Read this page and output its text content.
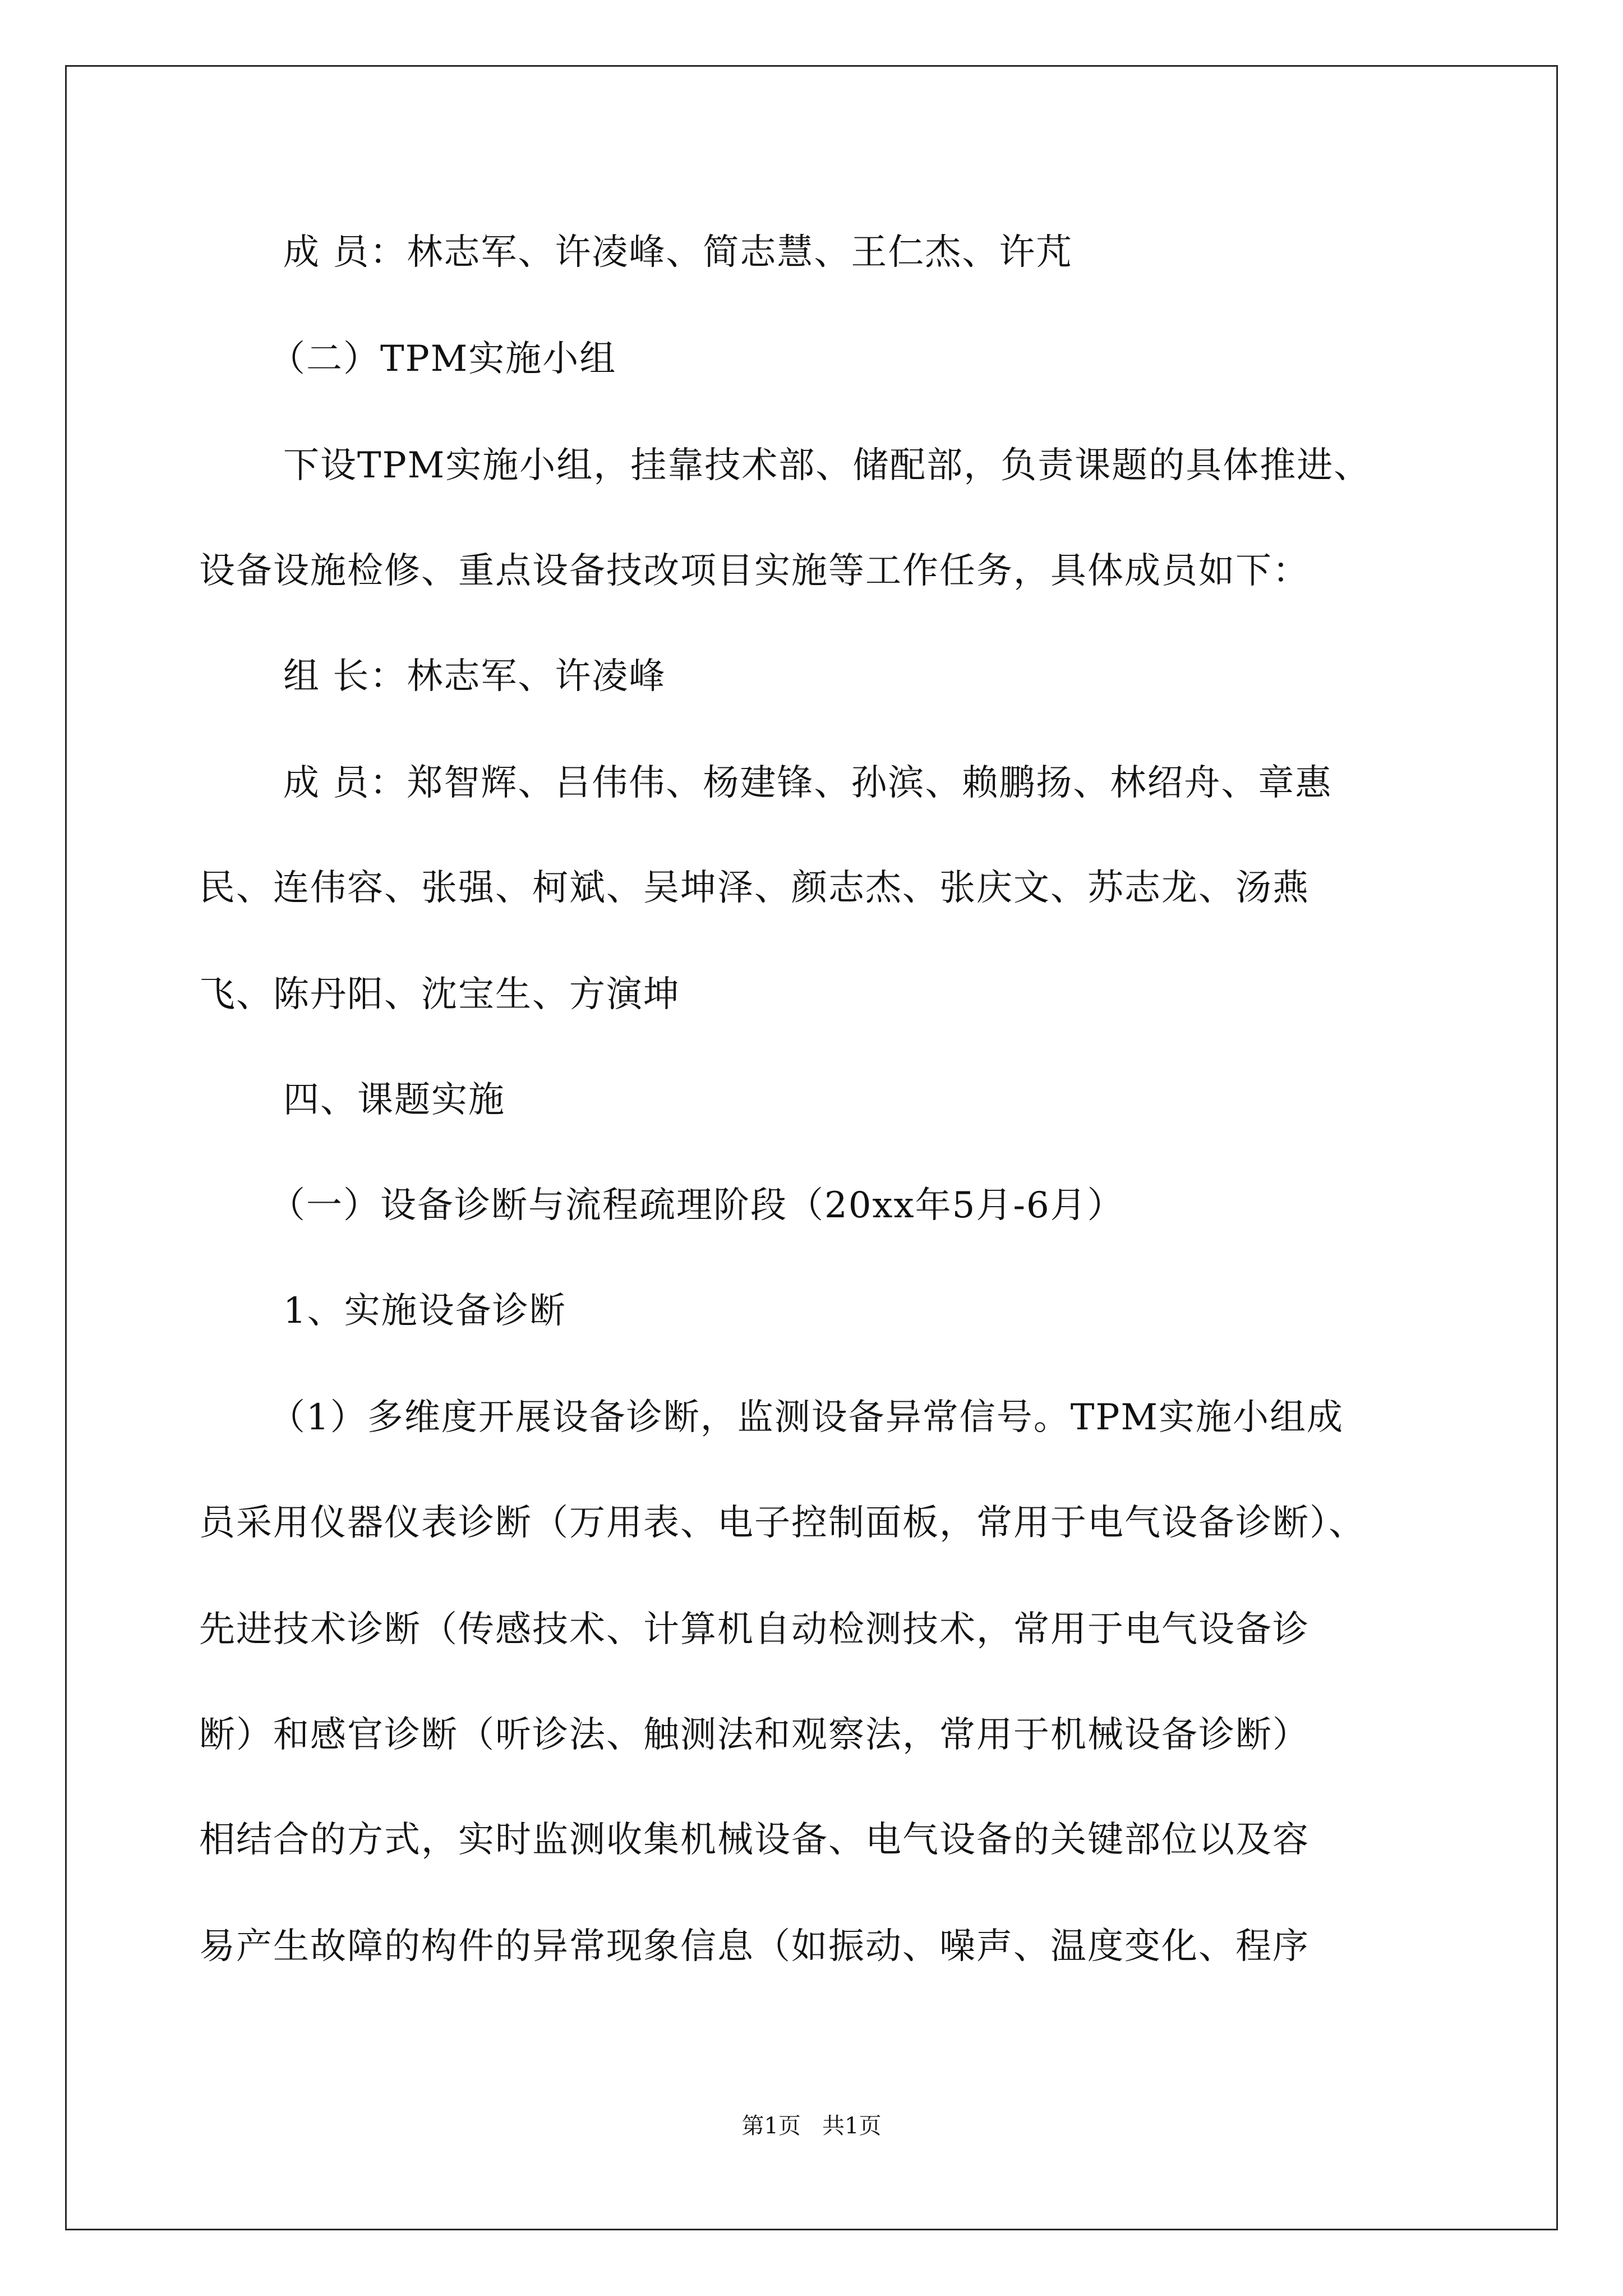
成 员：林志军、许凌峰、简志慧、王仁杰、许芃
（二）TPM实施小组
下设TPM实施小组，挂靠技术部、储配部，负责课题的具体推进、
设备设施检修、重点设备技改项目实施等工作任务，具体成员如下：
组 长：林志军、许凌峰
成 员：郑智辉、吕伟伟、杨建锋、孙滨、赖鹏扬、林绍舟、章惠
民、连伟容、张强、柯斌、吴坤泽、颜志杰、张庆文、苏志龙、汤燕
飞、陈丹阳、沈宝生、方演坤
四、课题实施
（一）设备诊断与流程疏理阶段（20xx年5月-6月）
1、实施设备诊断
（1）多维度开展设备诊断，监测设备异常信号。TPM实施小组成
员采用仪器仪表诊断（万用表、电子控制面板，常用于电气设备诊断）、
先进技术诊断（传感技术、计算机自动检测技术，常用于电气设备诊
断）和感官诊断（听诊法、触测法和观察法，常用于机械设备诊断）
相结合的方式，实时监测收集机械设备、电气设备的关键部位以及容
易产生故障的构件的异常现象信息（如振动、噪声、温度变化、程序
第1页   共1页
